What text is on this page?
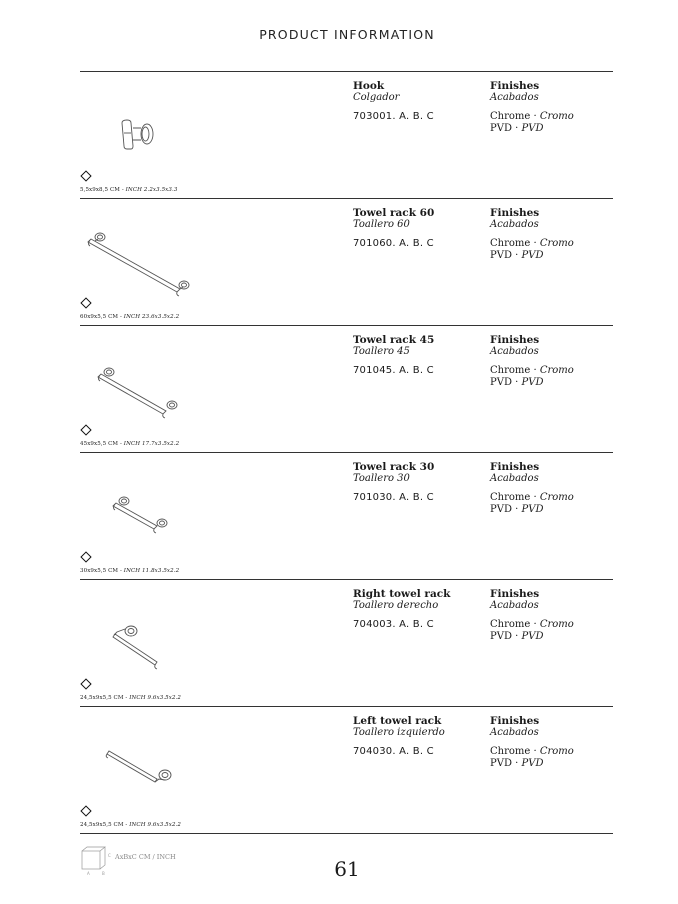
PRODUCT INFORMATION
Hook
Colgador
703001. A. B. C
Finishes
Acabados
Chrome · Cromo
PVD · PVD
5,5x9x8,5 CM - INCH 2.2x3.5x3.3
Towel rack 60
Toallero 60
701060. A. B. C
Finishes
Acabados
Chrome · Cromo
PVD · PVD
60x9x5,5 CM - INCH 23.6x3.5x2.2
Towel rack 45
Toallero 45
701045. A. B. C
Finishes
Acabados
Chrome · Cromo
PVD · PVD
45x9x5,5 CM - INCH 17.7x3.5x2.2
Towel rack 30
Toallero 30
701030. A. B. C
Finishes
Acabados
Chrome · Cromo
PVD · PVD
30x9x5,5 CM - INCH 11.8x3.5x2.2
Right towel rack
Toallero derecho
704003. A. B. C
Finishes
Acabados
Chrome · Cromo
PVD · PVD
24,5x9x5,5 CM - INCH 9.6x3.5x2.2
Left towel rack
Toallero izquierdo
704030. A. B. C
Finishes
Acabados
Chrome · Cromo
PVD · PVD
24,5x9x5,5 CM - INCH 9.6x3.5x2.2
C
A	B
AxBxC CM / INCH	61
